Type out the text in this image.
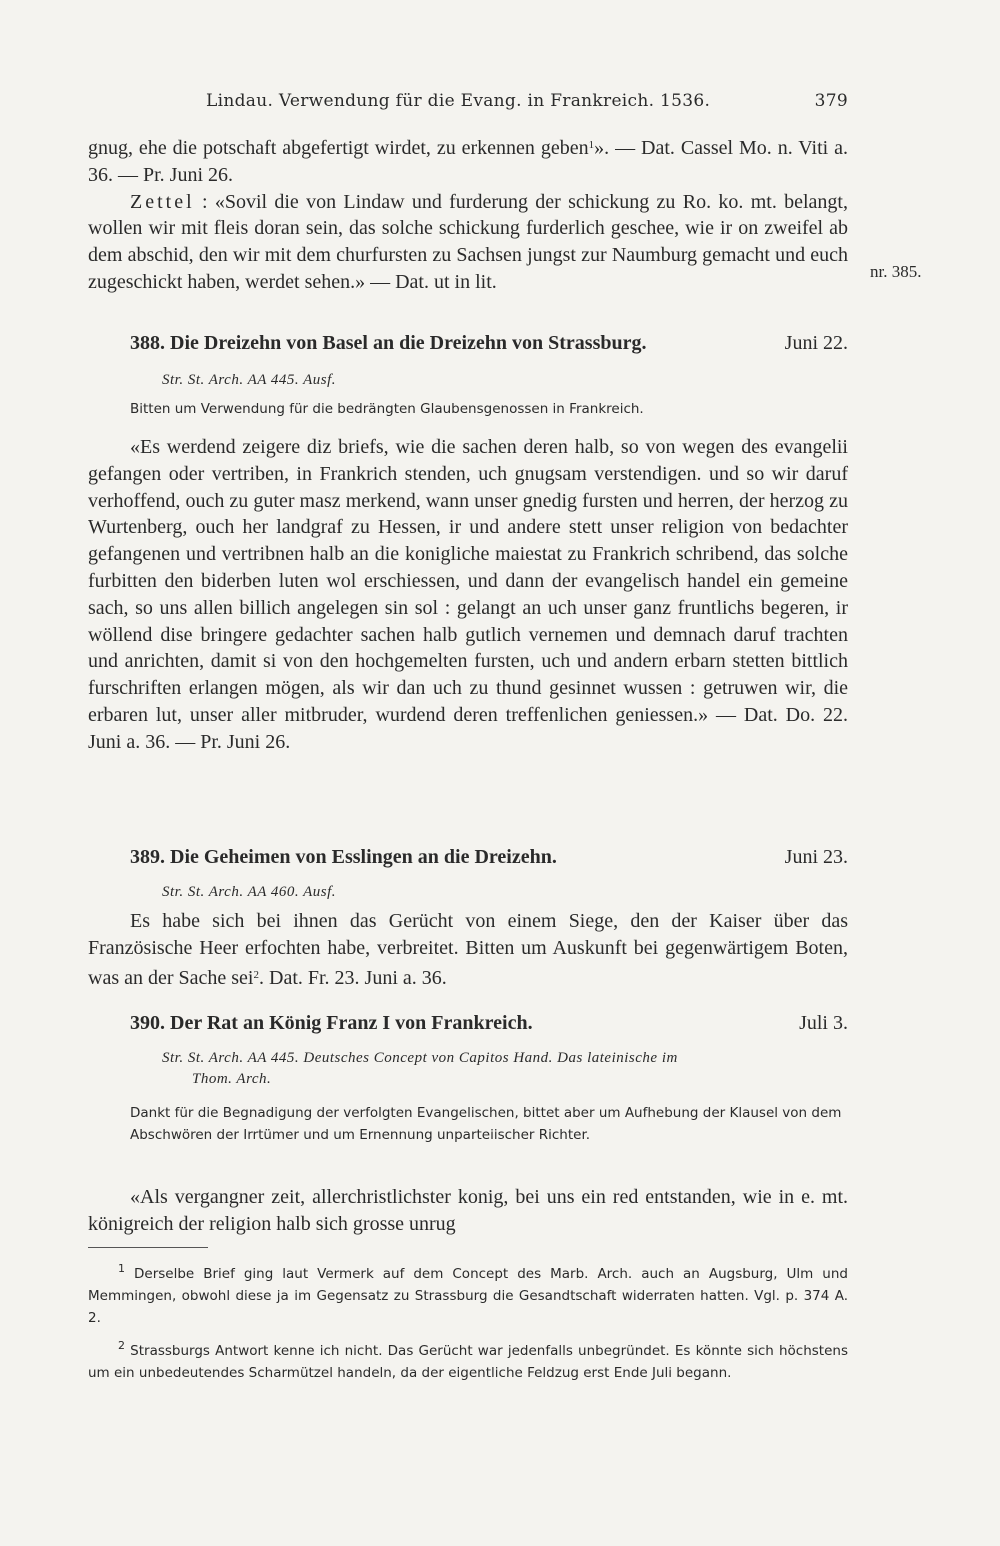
Lindau. Verwendung für die Evang. in Frankreich. 1536.	379

gnug, ehe die potschaft abgefertigt wirdet, zu erkennen geben$^1$». — Dat. Cassel Mo. n. Viti a. 36. — Pr. Juni 26.

Zettel : «Sovil die von Lindaw und furderung der schickung zu Ro. ko. mt. belangt, wollen wir mit fleis doran sein, das solche schickung furderlich geschee, wie ir on zweifel ab dem abschid, den wir mit dem churfursten zu Sachsen jungst zur Naumburg gemacht und euch zugeschickt haben, werdet sehen.» — Dat. ut in lit.	nr. 385.
388. Die Dreizehn von Basel an die Dreizehn von Strassburg.	Juni 22.
Str. St. Arch. AA 445. Ausf.
Bitten um Verwendung für die bedrängten Glaubensgenossen in Frankreich.

«Es werdend zeigere diz briefs, wie die sachen deren halb, so von wegen des evangelii gefangen oder vertriben, in Frankrich stenden, uch gnugsam verstendigen. und so wir daruf verhoffend, ouch zu guter masz merkend, wann unser gnedig fursten und herren, der herzog zu Wurtenberg, ouch her landgraf zu Hessen, ir und andere stett unser religion von bedachter gefangenen und vertribnen halb an die konigliche maiestat zu Frankrich schribend, das solche furbitten den biderben luten wol erschiessen, und dann der evangelisch handel ein gemeine sach, so uns allen billich angelegen sin sol : gelangt an uch unser ganz fruntlichs begeren, ir wöllend dise bringere gedachter sachen halb gutlich vernemen und demnach daruf trachten und anrichten, damit si von den hochgemelten fursten, uch und andern erbarn stetten bittlich furschriften erlangen mögen, als wir dan uch zu thund gesinnet wussen : getruwen wir, die erbaren lut, unser aller mitbruder, wurdend deren treffenlichen geniessen.» — Dat. Do. 22. Juni a. 36. — Pr. Juni 26.

389. Die Geheimen von Esslingen an die Dreizehn.	Juni 23.
Str. St. Arch. AA 460. Ausf.

Es habe sich bei ihnen das Gerücht von einem Siege, den der Kaiser über das Französische Heer erfochten habe, verbreitet. Bitten um Auskunft bei gegenwärtigem Boten, was an der Sache sei$^2$. Dat. Fr. 23. Juni a. 36.

390. Der Rat an König Franz I von Frankreich.	Juli 3.
Str. St. Arch. AA 445. Deutsches Concept von Capitos Hand. Das lateinische im
Thom. Arch.
Dankt für die Begnadigung der verfolgten Evangelischen, bittet aber um Aufhebung der Klausel von dem Abschwören der Irrtümer und um Ernennung unparteiischer Richter.

«Als vergangner zeit, allerchristlichster konig, bei uns ein red entstanden, wie in e. mt. königreich der religion halb sich grosse unrug

$^1$ Derselbe Brief ging laut Vermerk auf dem Concept des Marb. Arch. auch an Augsburg, Ulm und Memmingen, obwohl diese ja im Gegensatz zu Strassburg die Gesandtschaft widerraten hatten. Vgl. p. 374 A. 2.

$^2$ Strassburgs Antwort kenne ich nicht. Das Gerücht war jedenfalls unbegründet. Es könnte sich höchstens um ein unbedeutendes Scharmützel handeln, da der eigentliche Feldzug erst Ende Juli begann.
